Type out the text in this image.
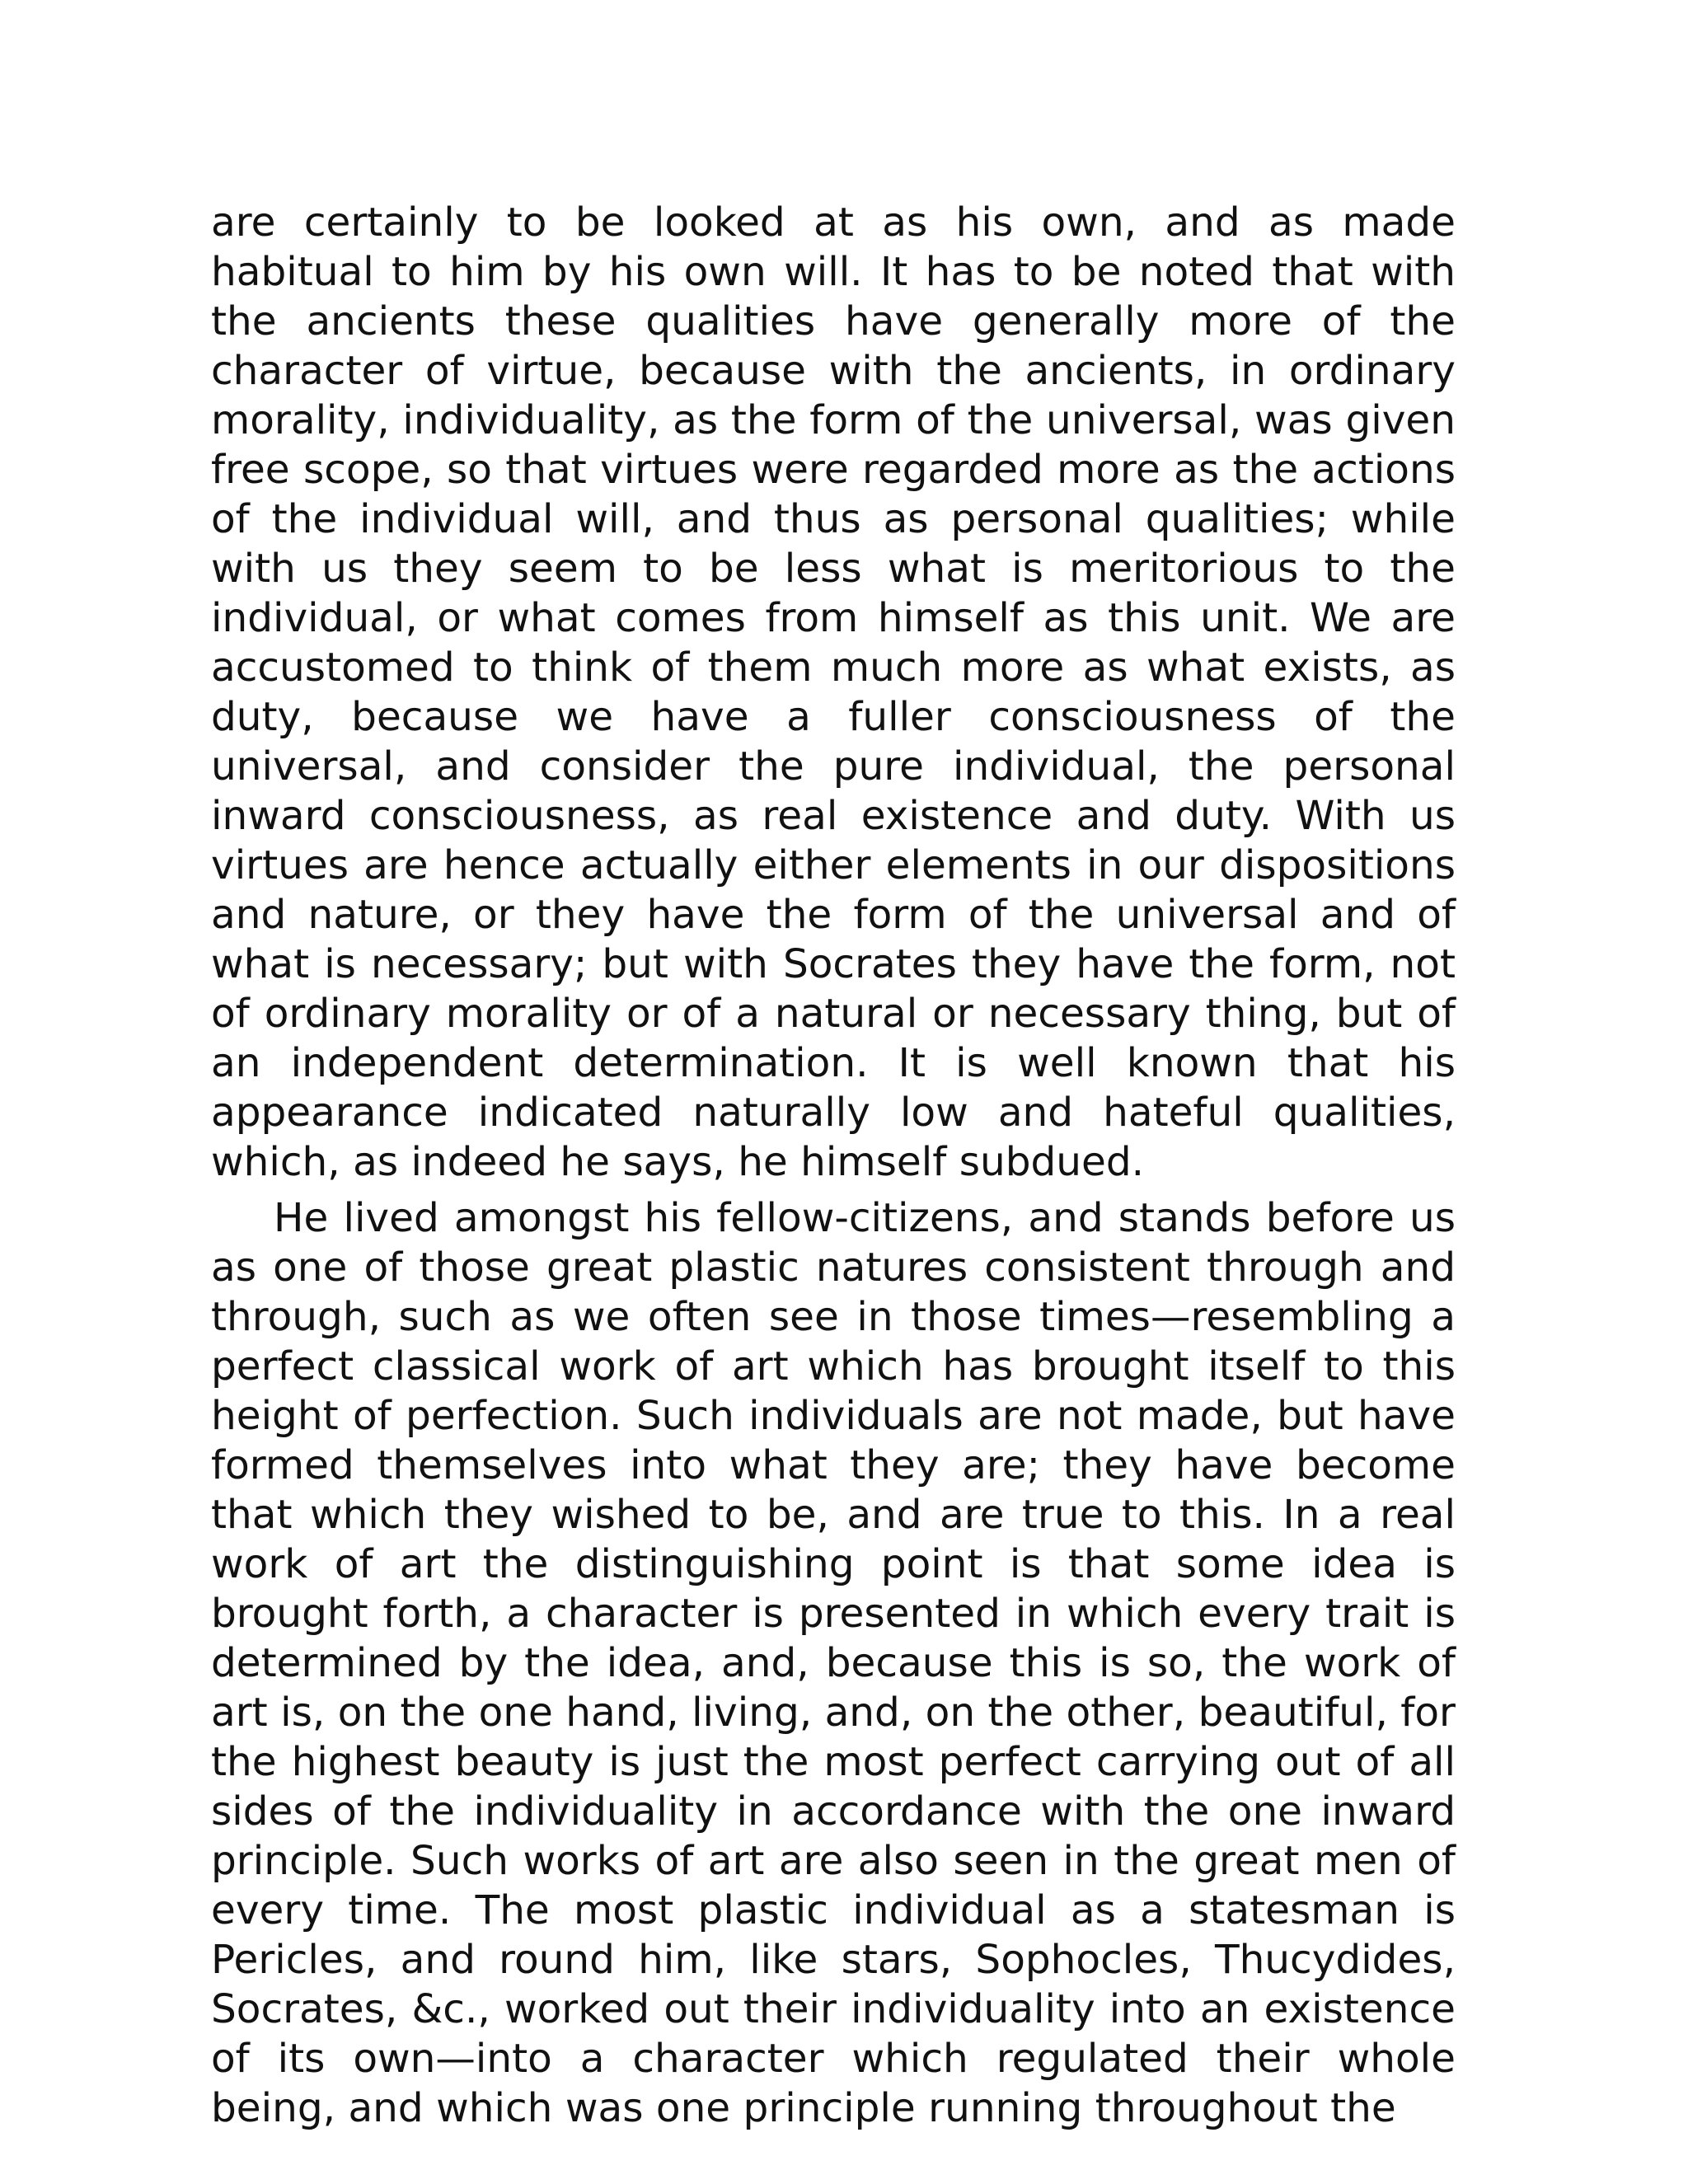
are certainly to be looked at as his own, and as made habitual to him by his own will. It has to be noted that with the ancients these qualities have generally more of the character of virtue, because with the ancients, in ordinary morality, individuality, as the form of the universal, was given free scope, so that virtues were regarded more as the actions of the individual will, and thus as personal qualities; while with us they seem to be less what is meritorious to the individual, or what comes from himself as this unit. We are accustomed to think of them much more as what exists, as duty, because we have a fuller consciousness of the universal, and consider the pure individual, the personal inward consciousness, as real existence and duty. With us virtues are hence actually either elements in our dispositions and nature, or they have the form of the universal and of what is necessary; but with Socrates they have the form, not of ordinary morality or of a natural or necessary thing, but of an independent determination. It is well known that his appearance indicated naturally low and hateful qualities, which, as indeed he says, he himself subdued.

He lived amongst his fellow-citizens, and stands before us as one of those great plastic natures consistent through and through, such as we often see in those times—resembling a perfect classical work of art which has brought itself to this height of perfection. Such individuals are not made, but have formed themselves into what they are; they have become that which they wished to be, and are true to this. In a real work of art the distinguishing point is that some idea is brought forth, a character is presented in which every trait is determined by the idea, and, because this is so, the work of art is, on the one hand, living, and, on the other, beautiful, for the highest beauty is just the most perfect carrying out of all sides of the individuality in accordance with the one inward principle. Such works of art are also seen in the great men of every time. The most plastic individual as a statesman is Pericles, and round him, like stars, Sophocles, Thucydides, Socrates, &c., worked out their individuality into an existence of its own—into a character which regulated their whole being, and which was one principle running throughout the
